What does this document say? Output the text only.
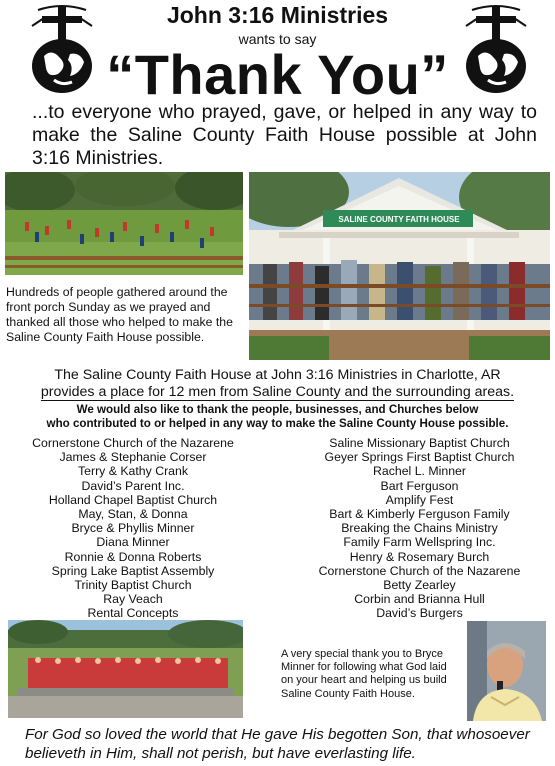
John 3:16 Ministries
wants to say
“Thank You”
...to everyone who prayed, gave, or helped in any way to make the Saline County Faith House possible at John 3:16 Ministries.
SALINE COUNTY FAITH HOUSE
Hundreds of people gathered around the front porch Sunday as we prayed and thanked all those who helped to make the Saline County Faith House possible.
The Saline County Faith House at John 3:16 Ministries in Charlotte, AR
provides a place for 12 men from Saline County and the surrounding areas.
We would also like to thank the people, businesses, and Churches below
who contributed to or helped in any way to make the Saline County House possible.
Cornerstone Church of the Nazarene
James & Stephanie Corser
Terry & Kathy Crank
David’s Parent Inc.
Holland Chapel Baptist Church
May, Stan, & Donna
Bryce & Phyllis Minner
Diana Minner
Ronnie & Donna Roberts
Spring Lake Baptist Assembly
Trinity Baptist Church
Ray Veach
Rental Concepts
Saline Missionary Baptist Church
Geyer Springs First Baptist Church
Rachel L. Minner
Bart Ferguson
Amplify Fest
Bart & Kimberly Ferguson Family
Breaking the Chains Ministry
Family Farm Wellspring Inc.
Henry & Rosemary Burch
Cornerstone Church of the Nazarene
Betty Zearley
Corbin and Brianna Hull
David’s Burgers
A very special thank you to Bryce Minner for following what God laid on your heart and helping us build Saline County Faith House.
For God so loved the world that He gave His begotten Son, that whosoever believeth in Him, shall not perish, but have everlasting life.
